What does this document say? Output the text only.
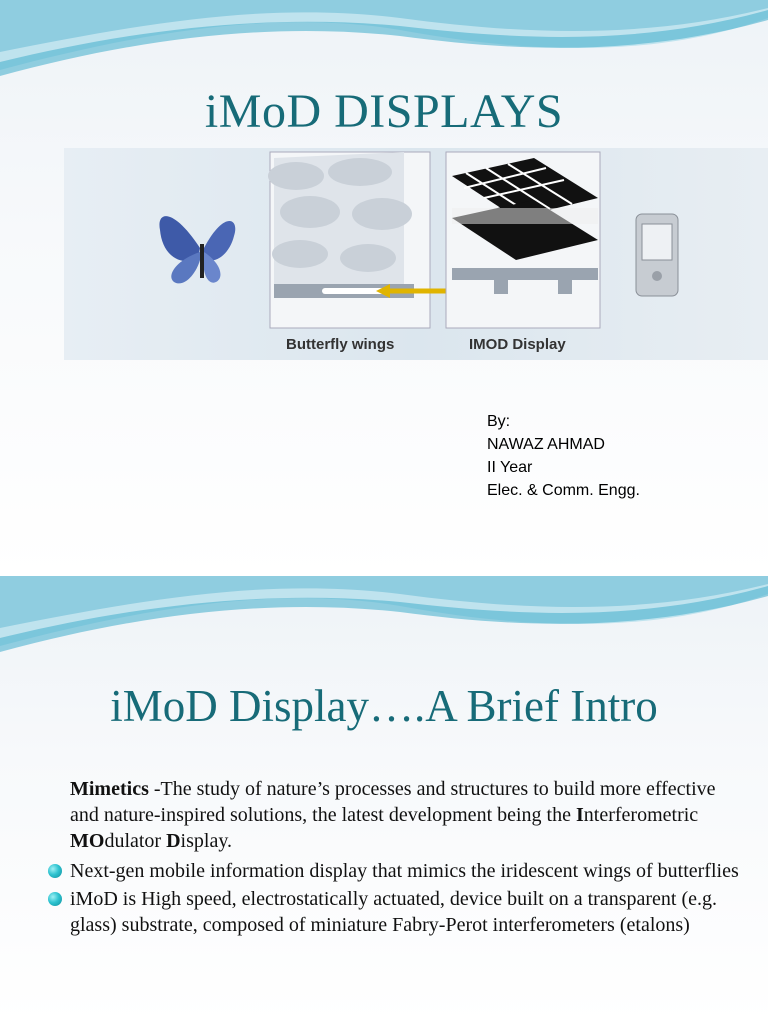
iMoD DISPLAYS
Butterfly wings	IMOD Display
By:
NAWAZ AHMAD
II Year
Elec. & Comm. Engg.
iMoD Display….A Brief Intro

Mimetics -The study of nature’s processes and structures to build more effective and nature-inspired solutions, the latest development being the Interferometric MOdulator Display.

Next-gen mobile information display that mimics the iridescent wings of butterflies
iMoD is High speed, electrostatically actuated, device built on a transparent (e.g. glass) substrate, composed of miniature Fabry-Perot interferometers (etalons)
